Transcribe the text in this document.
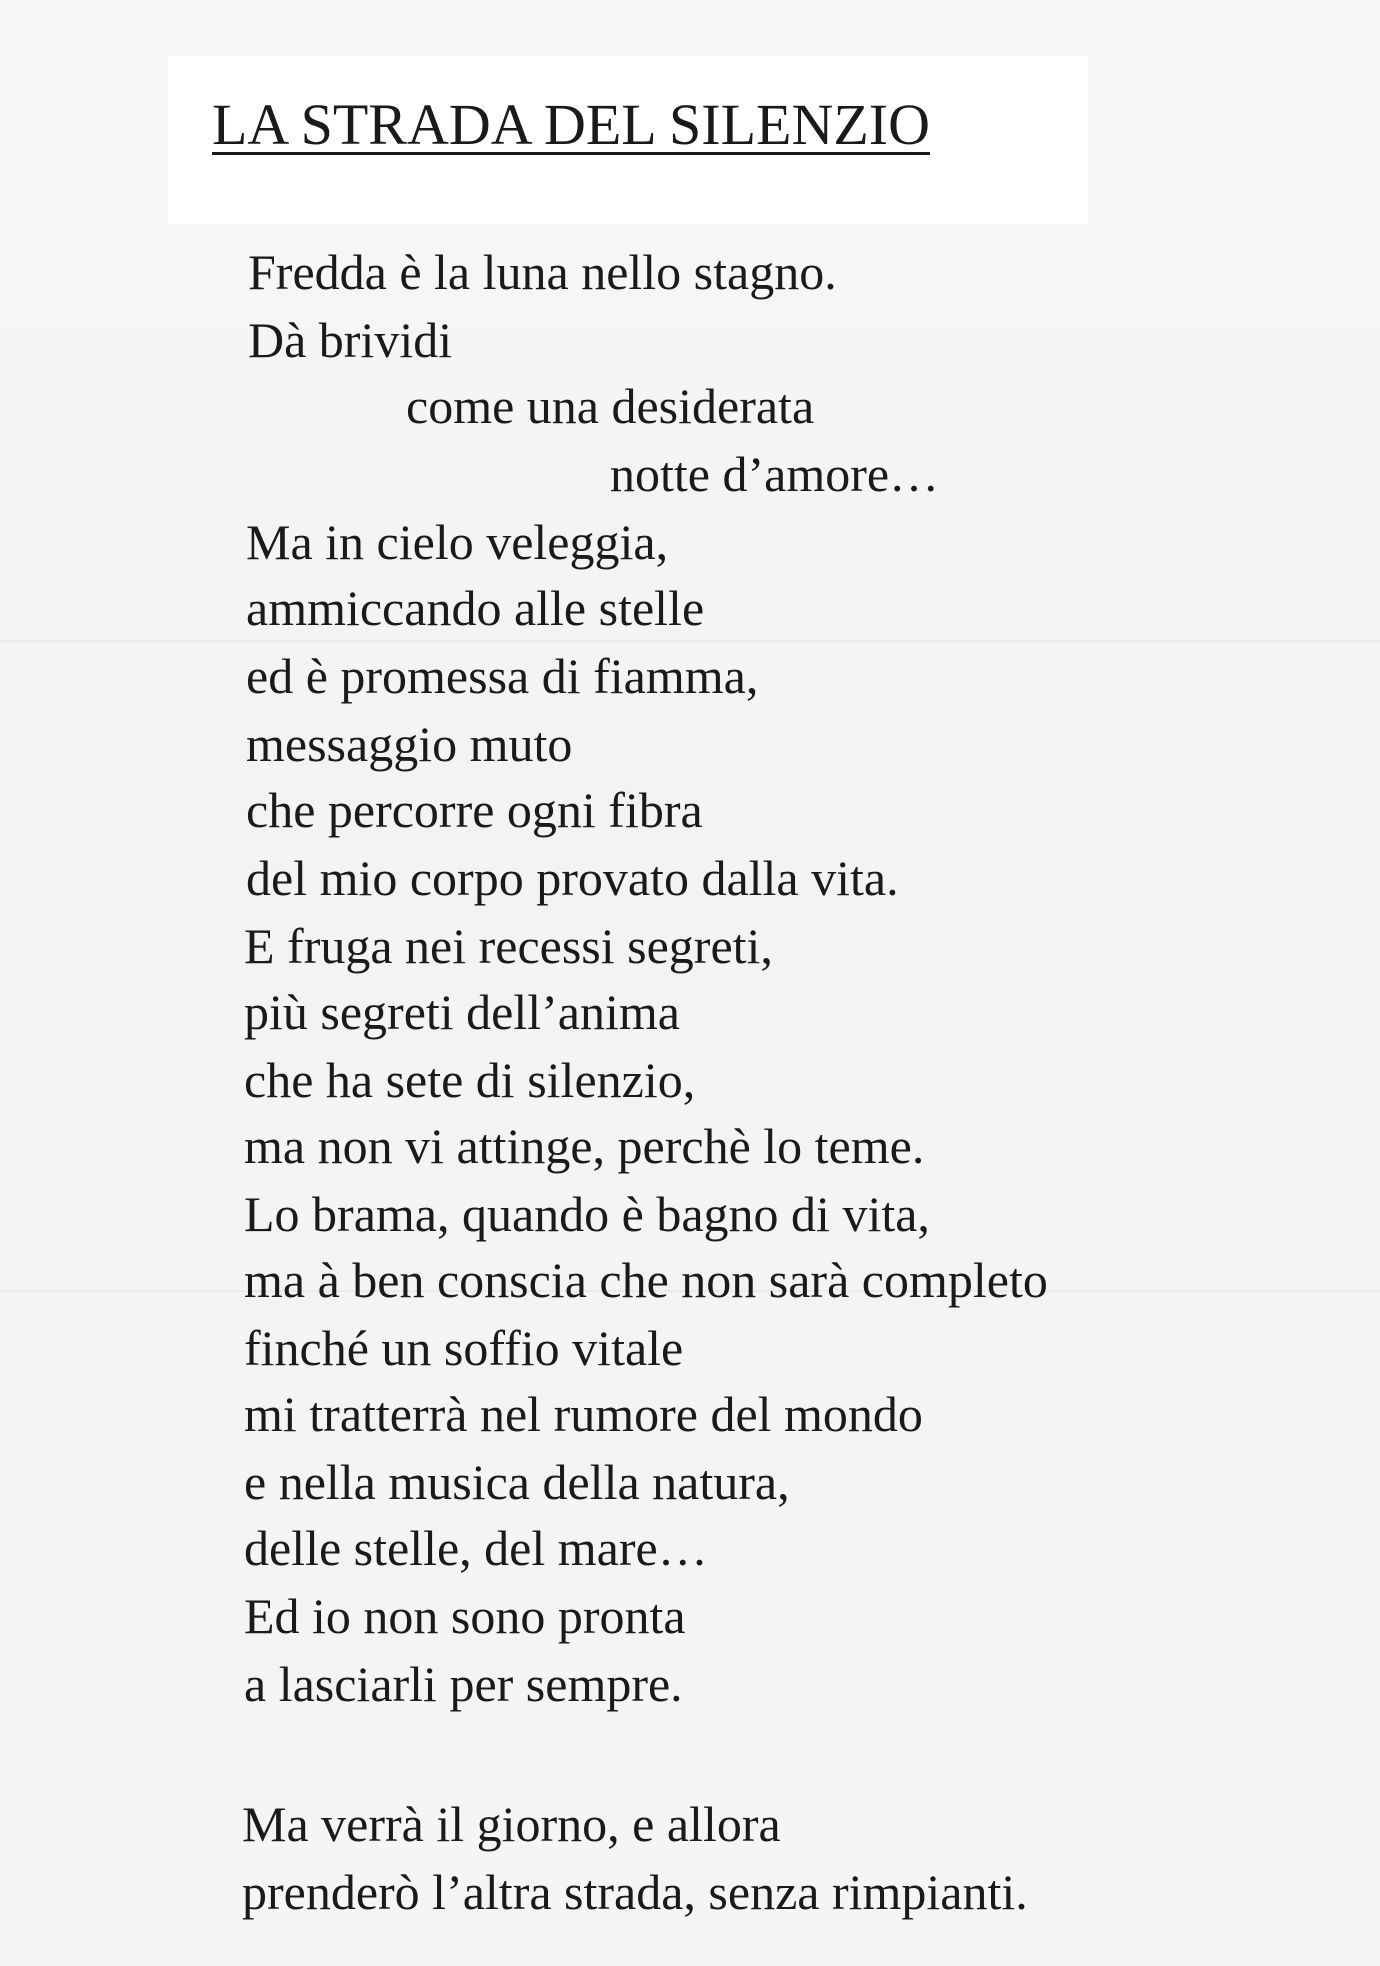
LA STRADA DEL SILENZIO

Fredda è la luna nello stagno.

Dà brividi

come una desiderata

notte d’amore…

Ma in cielo veleggia,

ammiccando alle stelle

ed è promessa di fiamma,

messaggio muto

che percorre ogni fibra

del mio corpo provato dalla vita.

E fruga nei recessi segreti,

più segreti dell’anima

che ha sete di silenzio,

ma non vi attinge, perchè lo teme.

Lo brama, quando è bagno di vita,

ma à ben conscia che non sarà completo

finché un soffio vitale

mi tratterrà nel rumore del mondo

e nella musica della natura,

delle stelle, del mare…

Ed io non sono pronta

a lasciarli per sempre.

Ma verrà il giorno, e allora

prenderò l’altra strada, senza rimpianti.
